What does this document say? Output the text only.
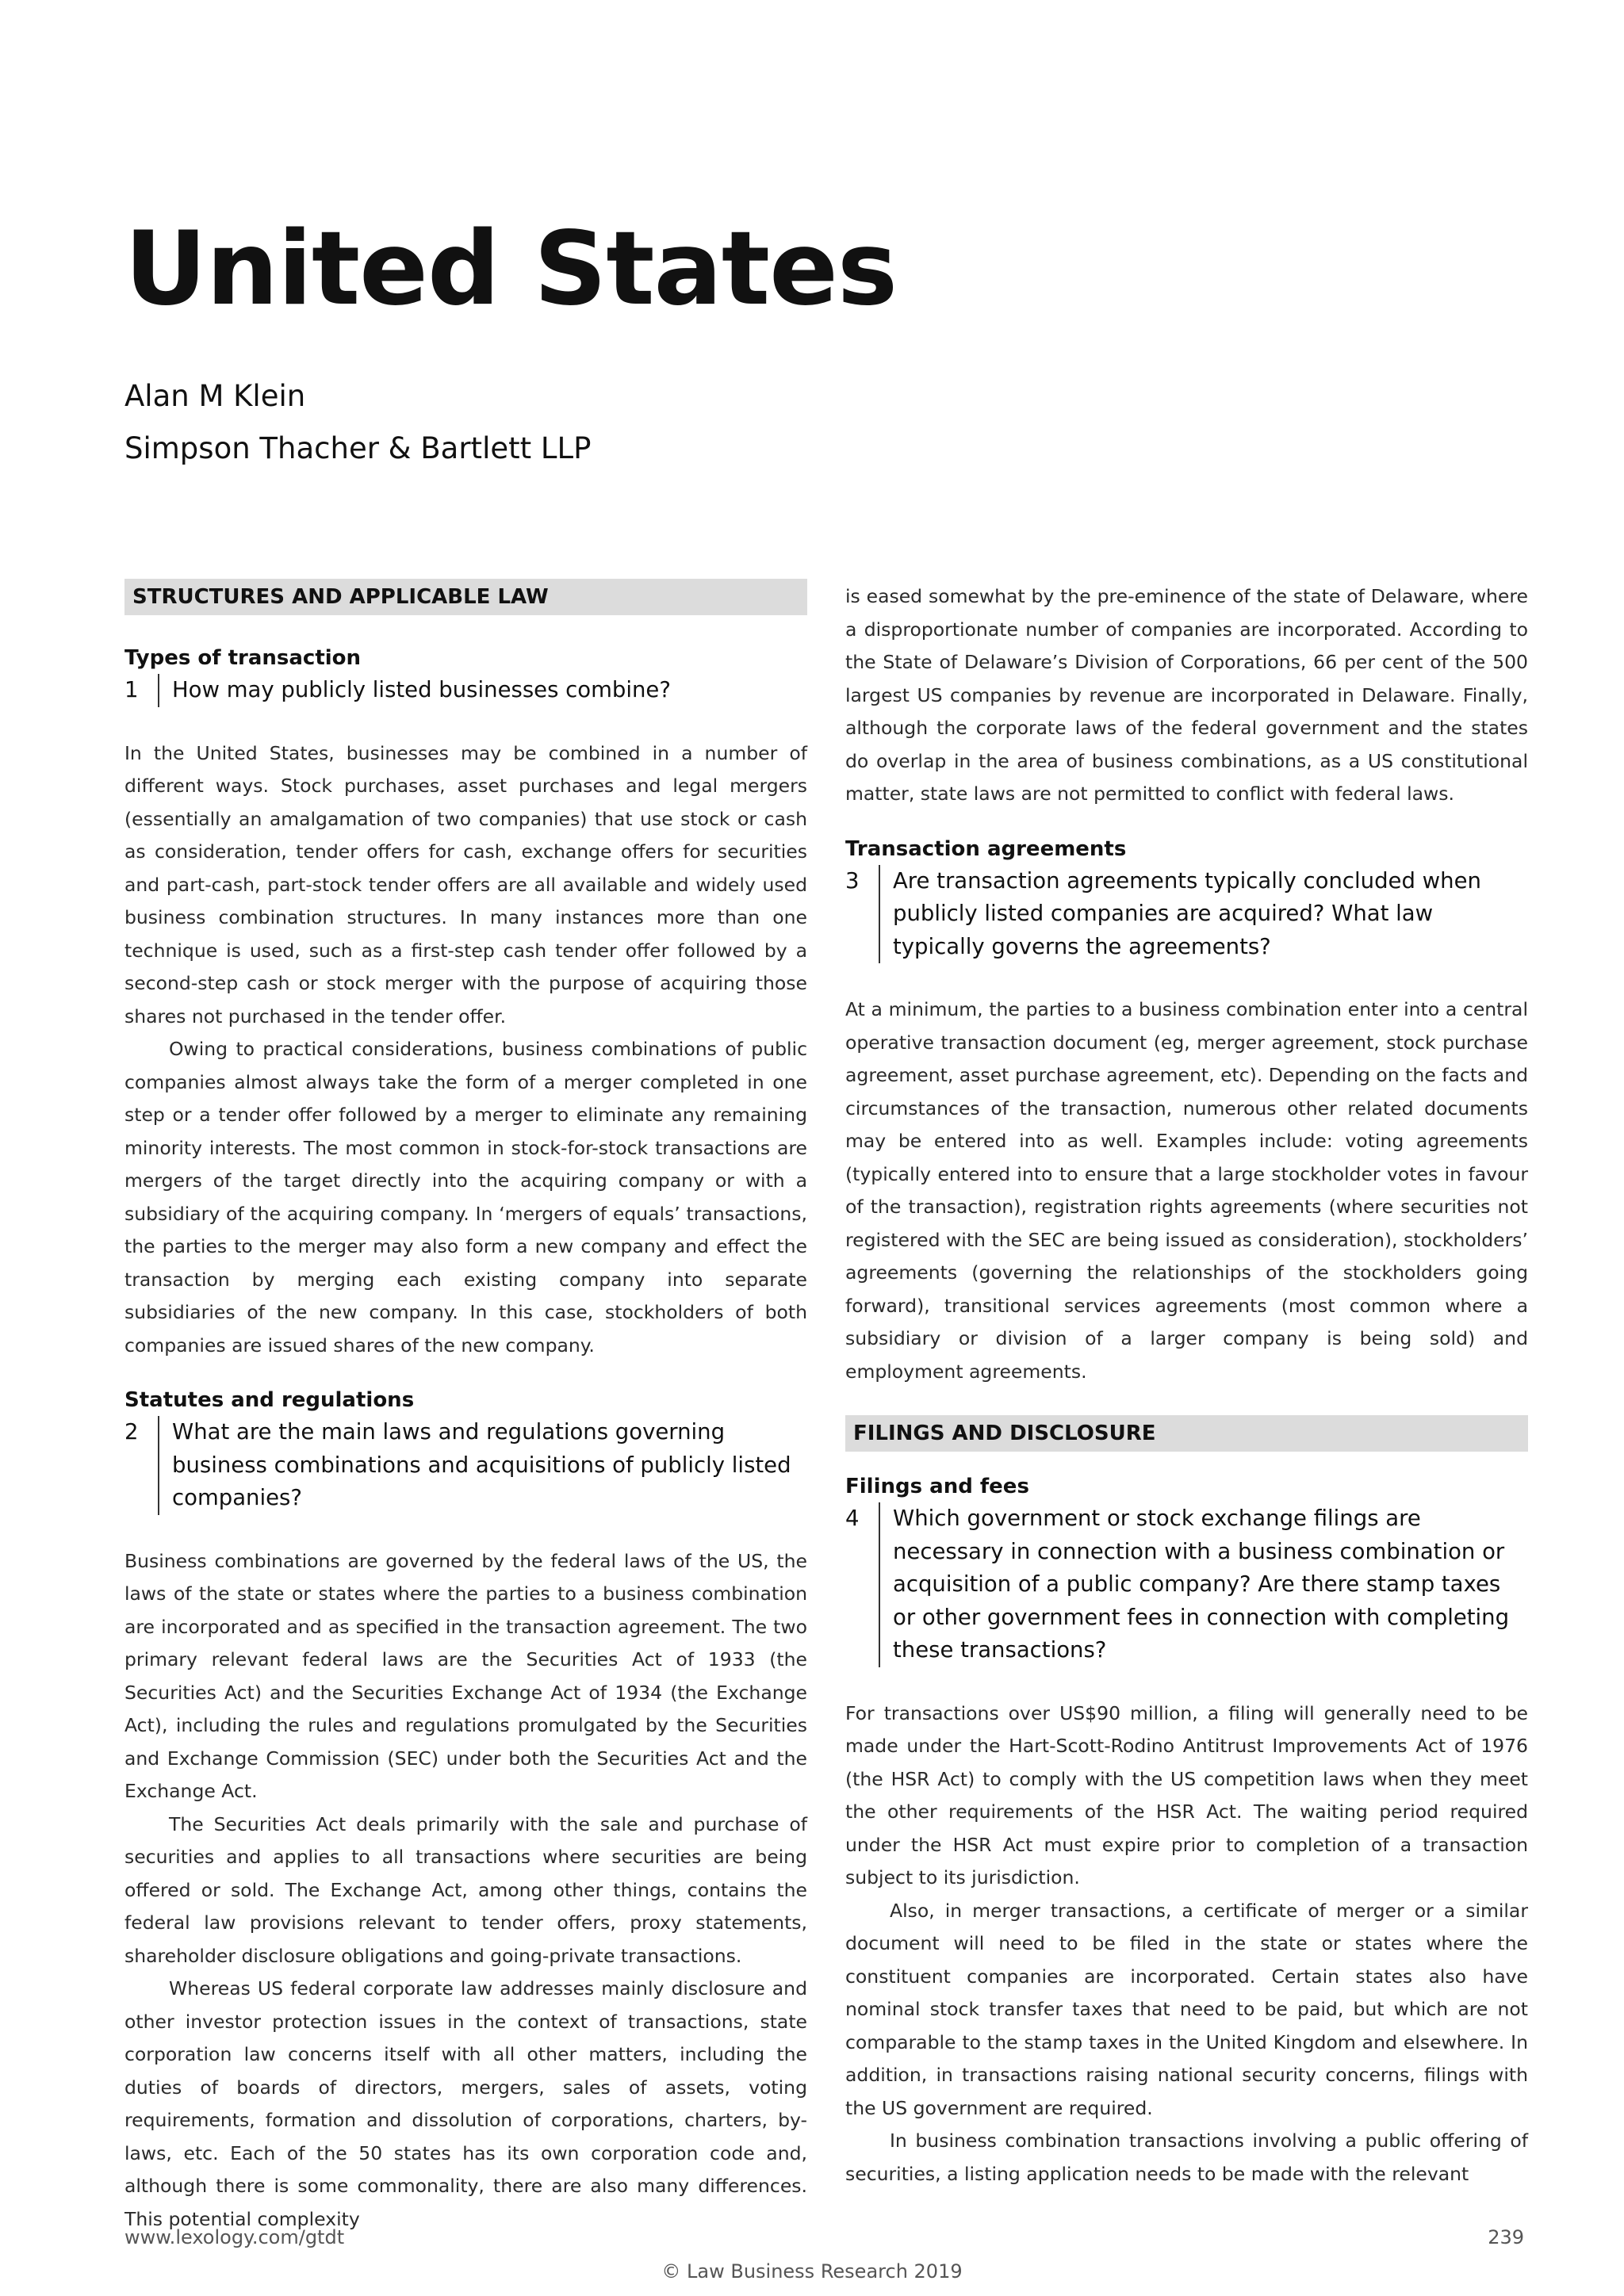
United States
Alan M Klein
Simpson Thacher & Bartlett LLP
STRUCTURES AND APPLICABLE LAW
Types of transaction
1	How may publicly listed businesses combine?

In the United States, businesses may be combined in a number of different ways. Stock purchases, asset purchases and legal mergers (essentially an amalgamation of two companies) that use stock or cash as consideration, tender offers for cash, exchange offers for securities and part-cash, part-stock tender offers are all available and widely used business combination structures. In many instances more than one technique is used, such as a first-step cash tender offer followed by a second-step cash or stock merger with the purpose of acquiring those shares not purchased in the tender offer.

Owing to practical considerations, business combinations of public companies almost always take the form of a merger completed in one step or a tender offer followed by a merger to eliminate any remaining minority interests. The most common in stock-for-stock transactions are mergers of the target directly into the acquiring company or with a subsidiary of the acquiring company. In ‘mergers of equals’ transactions, the parties to the merger may also form a new company and effect the transaction by merging each existing company into separate subsidiaries of the new company. In this case, stockholders of both companies are issued shares of the new company.

Statutes and regulations
2	What are the main laws and regulations governing business combinations and acquisitions of publicly listed companies?

Business combinations are governed by the federal laws of the US, the laws of the state or states where the parties to a business combination are incorporated and as specified in the transaction agreement. The two primary relevant federal laws are the Securities Act of 1933 (the Securities Act) and the Securities Exchange Act of 1934 (the Exchange Act), including the rules and regulations promulgated by the Securities and Exchange Commission (SEC) under both the Securities Act and the Exchange Act.

The Securities Act deals primarily with the sale and purchase of securities and applies to all transactions where securities are being offered or sold. The Exchange Act, among other things, contains the federal law provisions relevant to tender offers, proxy statements, shareholder disclosure obligations and going-private transactions.

Whereas US federal corporate law addresses mainly disclosure and other investor protection issues in the context of transactions, state corporation law concerns itself with all other matters, including the duties of boards of directors, mergers, sales of assets, voting requirements, formation and dissolution of corporations, charters, by-laws, etc. Each of the 50 states has its own corporation code and, although there is some commonality, there are also many differences. This potential complexity

is eased somewhat by the pre-eminence of the state of Delaware, where a disproportionate number of companies are incorporated. According to the State of Delaware’s Division of Corporations, 66 per cent of the 500 largest US companies by revenue are incorporated in Delaware. Finally, although the corporate laws of the federal government and the states do overlap in the area of business combinations, as a US constitutional matter, state laws are not permitted to conflict with federal laws.

Transaction agreements
3	Are transaction agreements typically concluded when publicly listed companies are acquired? What law typically governs the agreements?

At a minimum, the parties to a business combination enter into a central operative transaction document (eg, merger agreement, stock purchase agreement, asset purchase agreement, etc). Depending on the facts and circumstances of the transaction, numerous other related documents may be entered into as well. Examples include: voting agreements (typically entered into to ensure that a large stockholder votes in favour of the transaction), registration rights agreements (where securities not registered with the SEC are being issued as consideration), stockholders’ agreements (governing the relationships of the stockholders going forward), transitional services agreements (most common where a subsidiary or division of a larger company is being sold) and employment agreements.

FILINGS AND DISCLOSURE
Filings and fees
4	Which government or stock exchange filings are necessary in connection with a business combination or acquisition of a public company? Are there stamp taxes or other government fees in connection with completing these transactions?

For transactions over US$90 million, a filing will generally need to be made under the Hart-Scott-Rodino Antitrust Improvements Act of 1976 (the HSR Act) to comply with the US competition laws when they meet the other requirements of the HSR Act. The waiting period required under the HSR Act must expire prior to completion of a transaction subject to its jurisdiction.

Also, in merger transactions, a certificate of merger or a similar document will need to be filed in the state or states where the constituent companies are incorporated. Certain states also have nominal stock transfer taxes that need to be paid, but which are not comparable to the stamp taxes in the United Kingdom and elsewhere. In addition, in transactions raising national security concerns, filings with the US government are required.

In business combination transactions involving a public offering of securities, a listing application needs to be made with the relevant

www.lexology.com/gtdt	239
© Law Business Research 2019
